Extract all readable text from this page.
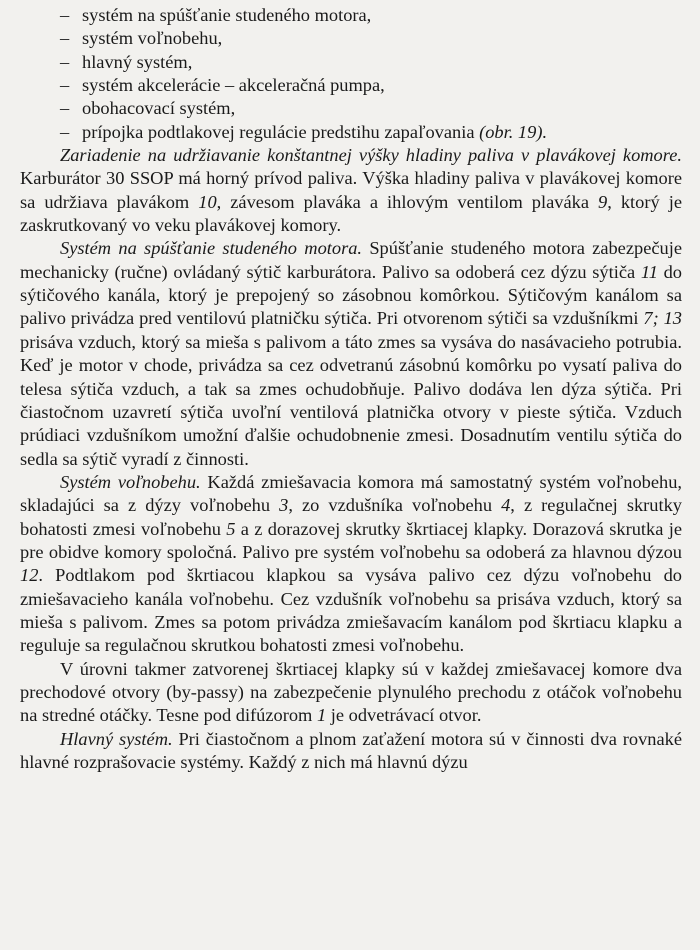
– systém na spúšťanie studeného motora,
– systém voľnobehu,
– hlavný systém,
– systém akcelerácie – akceleračná pumpa,
– obohacovací systém,
– prípojka podtlakovej regulácie predstihu zapaľovania (obr. 19).

Zariadenie na udržiavanie konštantnej výšky hladiny paliva v plavákovej komore. Karburátor 30 SSOP má horný prívod paliva. Výška hladiny paliva v plavákovej komore sa udržiava plavákom 10, závesom plaváka a ihlovým ventilom plaváka 9, ktorý je zaskrutkovaný vo veku plavákovej komory.

Systém na spúšťanie studeného motora. Spúšťanie studeného motora zabezpečuje mechanicky (ručne) ovládaný sýtič karburátora. Palivo sa odoberá cez dýzu sýtiča 11 do sýtičového kanála, ktorý je prepojený so zásobnou komôrkou. Sýtičovým kanálom sa palivo privádza pred ventilovú platničku sýtiča. Pri otvorenom sýtiči sa vzdušníkmi 7; 13 prisáva vzduch, ktorý sa mieša s palivom a táto zmes sa vysáva do nasávacieho potrubia. Keď je motor v chode, privádza sa cez odvetranú zásobnú komôrku po vysatí paliva do telesa sýtiča vzduch, a tak sa zmes ochudobňuje. Palivo dodáva len dýza sýtiča. Pri čiastočnom uzavretí sýtiča uvoľní ventilová platnička otvory v pieste sýtiča. Vzduch prúdiaci vzdušníkom umožní ďalšie ochudobnenie zmesi. Dosadnutím ventilu sýtiča do sedla sa sýtič vyradí z činnosti.

Systém voľnobehu. Každá zmiešavacia komora má samostatný systém voľnobehu, skladajúci sa z dýzy voľnobehu 3, zo vzdušníka voľnobehu 4, z regulačnej skrutky bohatosti zmesi voľnobehu 5 a z dorazovej skrutky škrtiacej klapky. Dorazová skrutka je pre obidve komory spoločná. Palivo pre systém voľnobehu sa odoberá za hlavnou dýzou 12. Podtlakom pod škrtiacou klapkou sa vysáva palivo cez dýzu voľnobehu do zmiešavacieho kanála voľnobehu. Cez vzdušník voľnobehu sa prisáva vzduch, ktorý sa mieša s palivom. Zmes sa potom privádza zmiešavacím kanálom pod škrtiacu klapku a reguluje sa regulačnou skrutkou bohatosti zmesi voľnobehu.

V úrovni takmer zatvorenej škrtiacej klapky sú v každej zmiešavacej komore dva prechodové otvory (by-passy) na zabezpečenie plynulého prechodu z otáčok voľnobehu na stredné otáčky. Tesne pod difúzorom 1 je odvetrávací otvor.

Hlavný systém. Pri čiastočnom a plnom zaťažení motora sú v činnosti dva rovnaké hlavné rozprašovacie systémy. Každý z nich má hlavnú dýzu
